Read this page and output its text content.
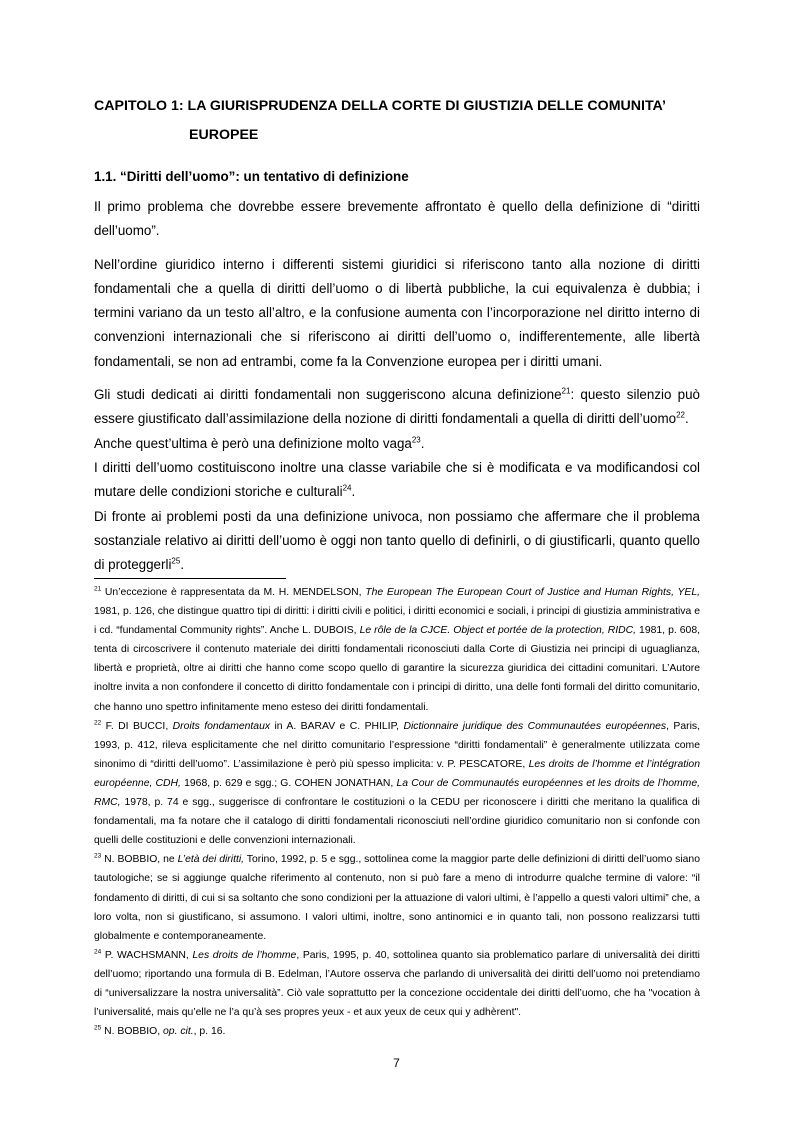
CAPITOLO 1: LA GIURISPRUDENZA DELLA CORTE DI GIUSTIZIA DELLE COMUNITA’
EUROPEE
1.1. “Diritti dell’uomo”: un tentativo di definizione

Il primo problema che dovrebbe essere brevemente affrontato è quello della definizione di “diritti dell’uomo”.

Nell’ordine giuridico interno i differenti sistemi giuridici si riferiscono tanto alla nozione di diritti fondamentali che a quella di diritti dell’uomo o di libertà pubbliche, la cui equivalenza è dubbia; i termini variano da un testo all’altro, e la confusione aumenta con l’incorporazione nel diritto interno di convenzioni internazionali che si riferiscono ai diritti dell’uomo o, indifferentemente, alle libertà fondamentali, se non ad entrambi, come fa la Convenzione europea per i diritti umani.

Gli studi dedicati ai diritti fondamentali non suggeriscono alcuna definizione$^{21}$: questo silenzio può essere giustificato dall’assimilazione della nozione di diritti fondamentali a quella di diritti dell’uomo$^{22}$.

Anche quest’ultima è però una definizione molto vaga$^{23}$.

I diritti dell’uomo costituiscono inoltre una classe variabile che si è modificata e va modificandosi col mutare delle condizioni storiche e culturali$^{24}$.

Di fronte ai problemi posti da una definizione univoca, non possiamo che affermare che il problema sostanziale relativo ai diritti dell’uomo è oggi non tanto quello di definirli, o di giustificarli, quanto quello di proteggerli$^{25}$.

$^{21}$ Un’eccezione è rappresentata da M. H. MENDELSON, The European The European Court of Justice and Human Rights, YEL, 1981, p. 126, che distingue quattro tipi di diritti: i diritti civili e politici, i diritti economici e sociali, i principi di giustizia amministrativa e i cd. “fundamental Community rights”. Anche L. DUBOIS, Le rôle de la CJCE. Object et portée de la protection, RIDC, 1981, p. 608, tenta di circoscrivere il contenuto materiale dei diritti fondamentali riconosciuti dalla Corte di Giustizia nei principi di uguaglianza, libertà e proprietà, oltre ai diritti che hanno come scopo quello di garantire la sicurezza giuridica dei cittadini comunitari. L’Autore inoltre invita a non confondere il concetto di diritto fondamentale con i principi di diritto, una delle fonti formali del diritto comunitario, che hanno uno spettro infinitamente meno esteso dei diritti fondamentali.

$^{22}$ F. DI BUCCI, Droits fondamentaux in A. BARAV e C. PHILIP, Dictionnaire juridique des Communautées européennes, Paris, 1993, p. 412, rileva esplicitamente che nel diritto comunitario l’espressione “diritti fondamentali” è generalmente utilizzata come sinonimo di “diritti dell’uomo”. L’assimilazione è però più spesso implicita: v. P. PESCATORE, Les droits de l’homme et l’intégration européenne, CDH, 1968, p. 629 e sgg.; G. COHEN JONATHAN, La Cour de Communautés européennes et les droits de l’homme, RMC, 1978, p. 74 e sgg., suggerisce di confrontare le costituzioni o la CEDU per riconoscere i diritti che meritano la qualifica di fondamentali, ma fa notare che il catalogo di diritti fondamentali riconosciuti nell’ordine giuridico comunitario non si confonde con quelli delle costituzioni e delle convenzioni internazionali.

$^{23}$ N. BOBBIO, ne L’età dei diritti, Torino, 1992, p. 5 e sgg., sottolinea come la maggior parte delle definizioni di diritti dell’uomo siano tautologiche; se si aggiunge qualche riferimento al contenuto, non si può fare a meno di introdurre qualche termine di valore: “il fondamento di diritti, di cui si sa soltanto che sono condizioni per la attuazione di valori ultimi, è l’appello a questi valori ultimi” che, a loro volta, non si giustificano, si assumono. I valori ultimi, inoltre, sono antinomici e in quanto tali, non possono realizzarsi tutti globalmente e contemporaneamente.

$^{24}$ P. WACHSMANN, Les droits de l’homme, Paris, 1995, p. 40, sottolinea quanto sia problematico parlare di universalità dei diritti dell’uomo; riportando una formula di B. Edelman, l’Autore osserva che parlando di universalità dei diritti dell’uomo noi pretendiamo di “universalizzare la nostra universalità”. Ciò vale soprattutto per la concezione occidentale dei diritti dell’uomo, che ha "vocation à l’universalité, mais qu’elle ne l’a qu’à ses propres yeux - et aux yeux de ceux qui y adhèrent".

$^{25}$ N. BOBBIO, op. cit., p. 16.

7
